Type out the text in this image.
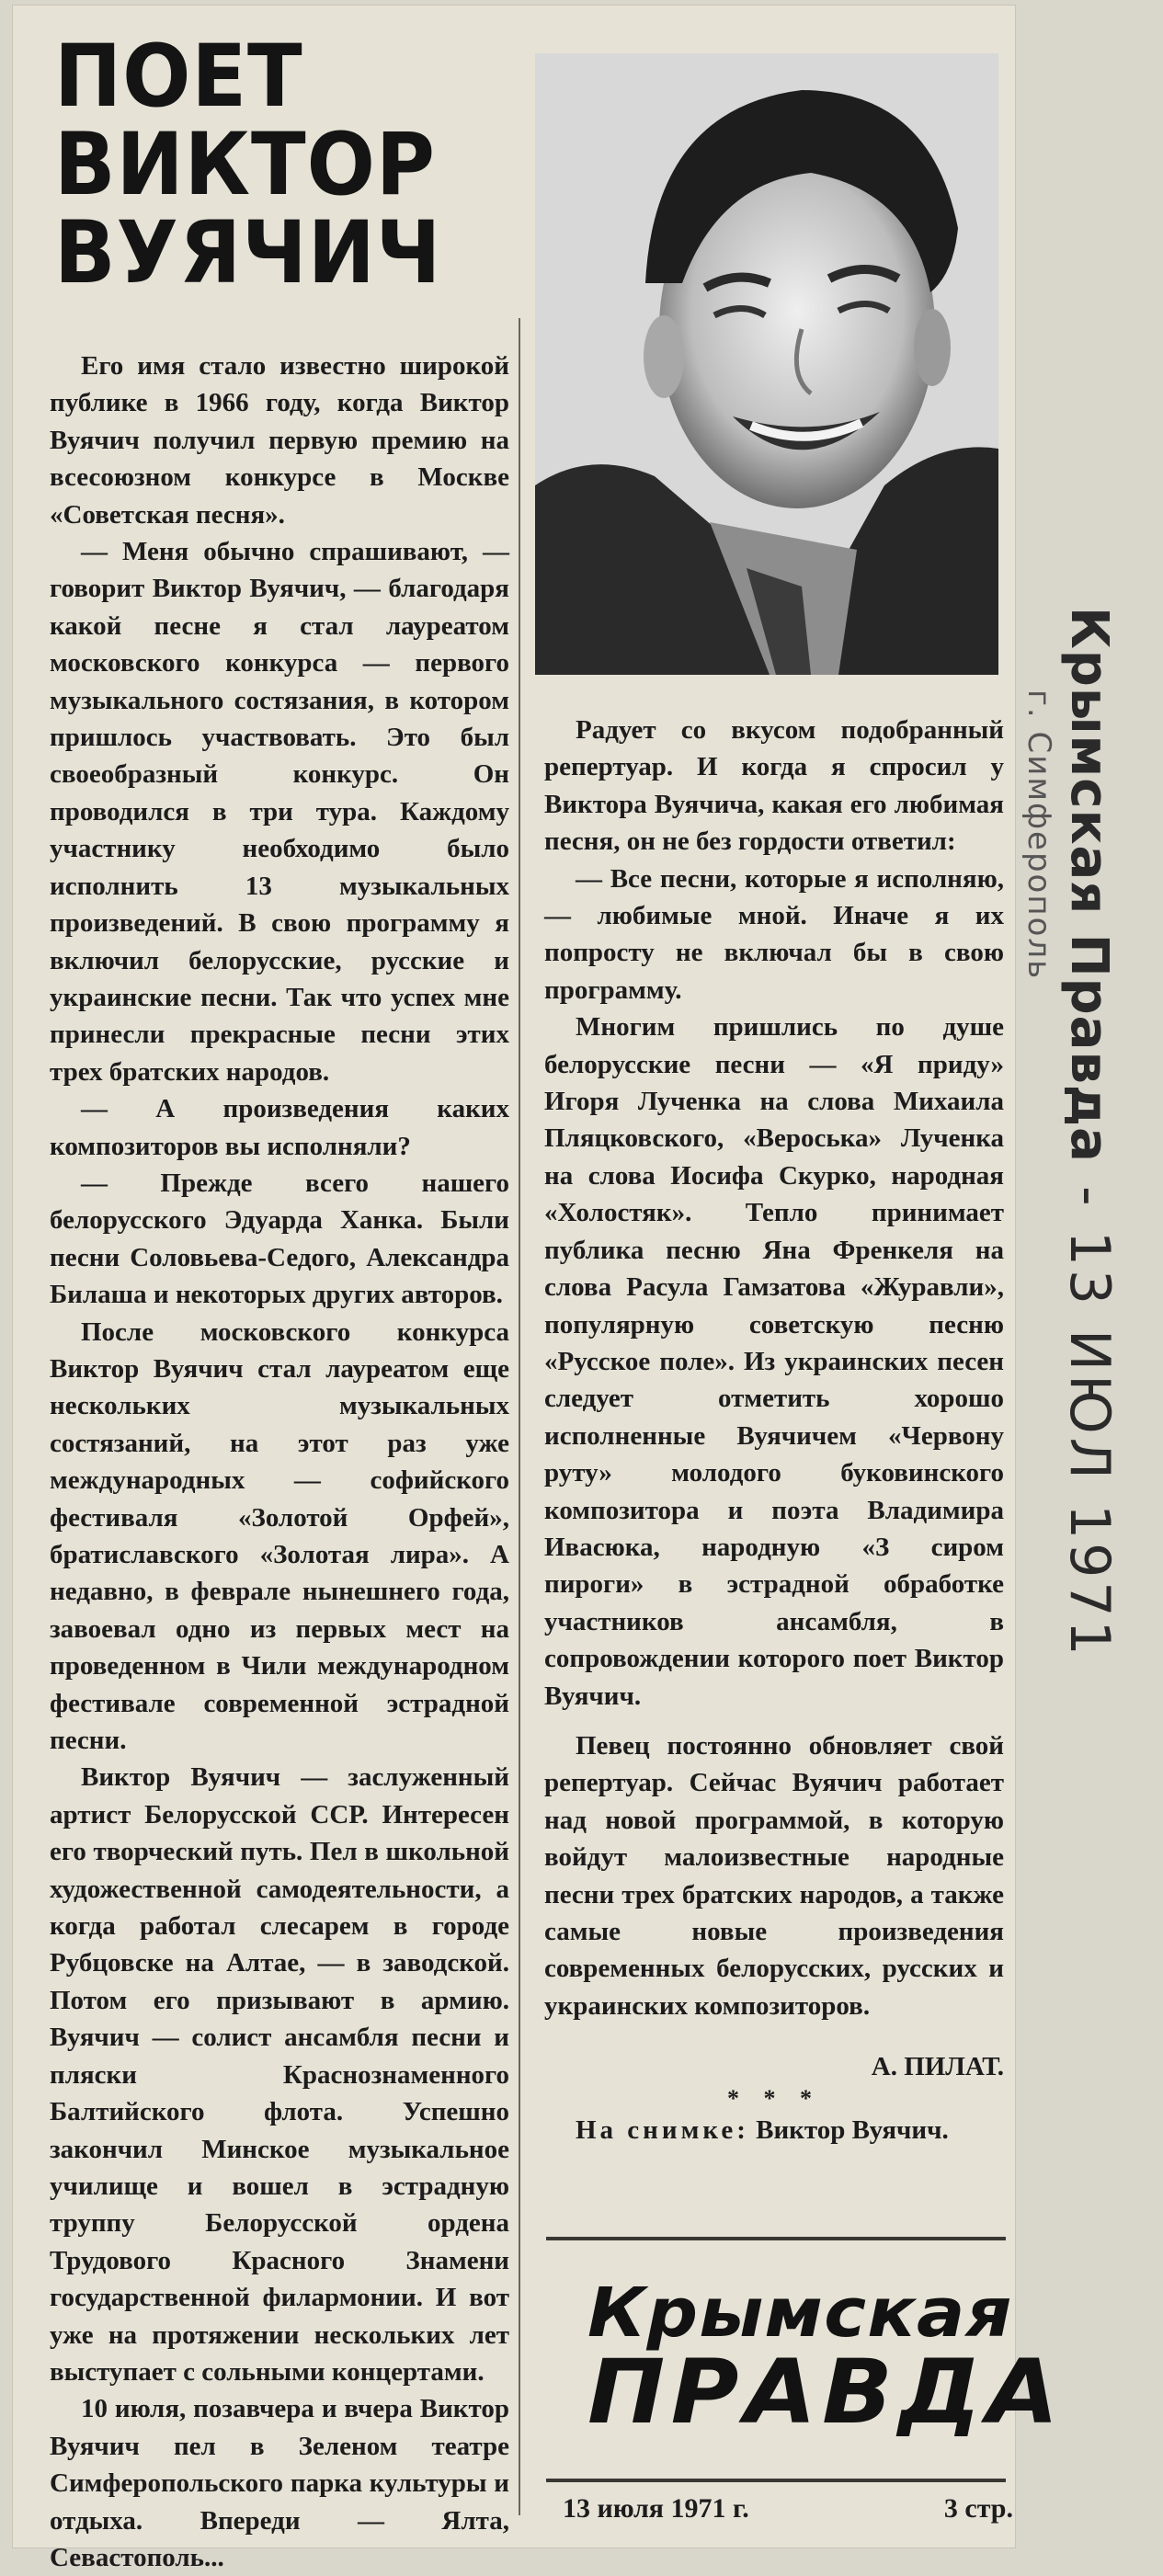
ПОЕТ
ВИКТОР
ВУЯЧИЧ

Его имя стало известно широкой публике в 1966 году, когда Виктор Вуячич получил первую премию на всесоюзном конкурсе в Москве «Советская песня».

— Меня обычно спрашивают, — говорит Виктор Вуячич, — благодаря какой песне я стал лауреатом московского конкурса — первого музыкального состязания, в котором пришлось участвовать. Это был своеобразный конкурс. Он проводился в три тура. Каждому участнику необходимо было исполнить 13 музыкальных произведений. В свою программу я включил белорусские, русские и украинские песни. Так что успех мне принесли прекрасные песни этих трех братских народов.

— А произведения каких композиторов вы исполняли?

— Прежде всего нашего белорусского Эдуарда Ханка. Были песни Соловьева-Седого, Александра Билаша и некоторых других авторов.

После московского конкурса Виктор Вуячич стал лауреатом еще нескольких музыкальных состязаний, на этот раз уже международных — софийского фестиваля «Золотой Орфей», братиславского «Золотая лира». А недавно, в феврале нынешнего года, завоевал одно из первых мест на проведенном в Чили международном фестивале современной эстрадной песни.

Виктор Вуячич — заслуженный артист Белорусской ССР. Интересен его творческий путь. Пел в школьной художественной самодеятельности, а когда работал слесарем в городе Рубцовске на Алтае, — в заводской. Потом его призывают в армию. Вуячич — солист ансамбля песни и пляски Краснознаменного Балтийского флота. Успешно закончил Минское музыкальное училище и вошел в эстрадную труппу Белорусской ордена Трудового Красного Знамени государственной филармонии. И вот уже на протяжении нескольких лет выступает с сольными концертами.

10 июля, позавчера и вчера Виктор Вуячич пел в Зеленом театре Симферопольского парка культуры и отдыха. Впереди — Ялта, Севастополь...

Радует со вкусом подобранный репертуар. И когда я спросил у Виктора Вуячича, какая его любимая песня, он не без гордости ответил:

— Все песни, которые я исполняю, — любимые мной. Иначе я их попросту не включал бы в свою программу.

Многим пришлись по душе белорусские песни — «Я приду» Игоря Лученка на слова Михаила Пляцковского, «Вероська» Лученка на слова Иосифа Скурко, народная «Холостяк». Тепло принимает публика песню Яна Френкеля на слова Расула Гамзатова «Журавли», популярную советскую песню «Русское поле». Из украинских песен следует отметить хорошо исполненные Вуячичем «Червону руту» молодого буковинского композитора и поэта Владимира Ивасюка, народную «З сиром пироги» в эстрадной обработке участников ансамбля, в сопровождении которого поет Виктор Вуячич.

Певец постоянно обновляет свой репертуар. Сейчас Вуячич работает над новой программой, в которую войдут малоизвестные народные песни трех братских народов, а также самые новые произведения современных белорусских, русских и украинских композиторов.

А. ПИЛАТ.

* * *

На снимке: Виктор Вуячич.

Крымская
ПРАВДА
13 июля 1971 г.	3 стр.
Крымская Правда
г. Симферополь
- 13 ИЮЛ 1971
